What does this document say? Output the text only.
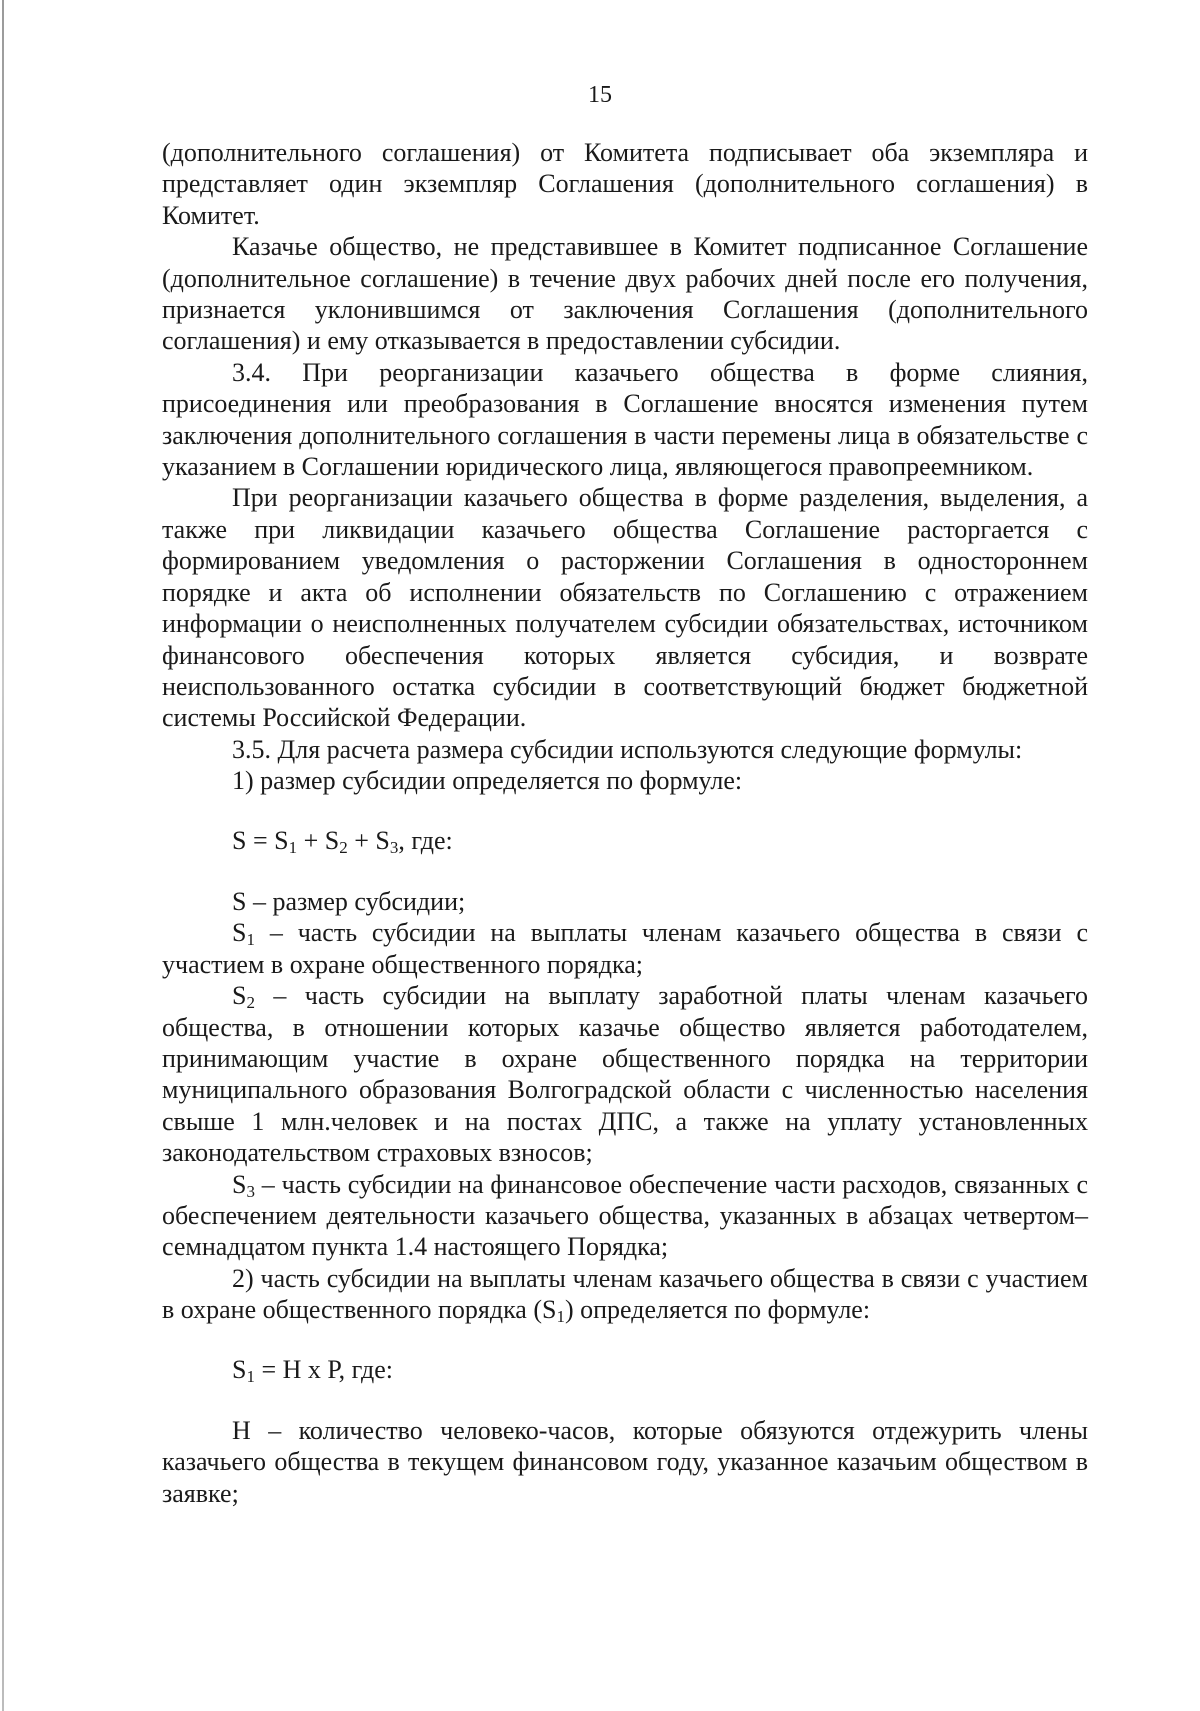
15

(дополнительного соглашения) от Комитета подписывает оба экземпляра и представляет один экземпляр Соглашения (дополнительного соглашения) в Комитет.

Казачье общество, не представившее в Комитет подписанное Соглашение (дополнительное соглашение) в течение двух рабочих дней после его получения, признается уклонившимся от заключения Соглашения (дополнительного соглашения) и ему отказывается в предоставлении субсидии.

3.4. При реорганизации казачьего общества в форме слияния, присоединения или преобразования в Соглашение вносятся изменения путем заключения дополнительного соглашения в части перемены лица в обязательстве с указанием в Соглашении юридического лица, являющегося правопреемником.

При реорганизации казачьего общества в форме разделения, выделения, а также при ликвидации казачьего общества Соглашение расторгается с формированием уведомления о расторжении Соглашения в одностороннем порядке и акта об исполнении обязательств по Соглашению с отражением информации о неисполненных получателем субсидии обязательствах, источником финансового обеспечения которых является субсидия, и возврате неиспользованного остатка субсидии в соответствующий бюджет бюджетной системы Российской Федерации.

3.5. Для расчета размера субсидии используются следующие формулы:

1) размер субсидии определяется по формуле:

$S = S_1 + S_2 + S_3$, где:

S – размер субсидии;

$S_1$ – часть субсидии на выплаты членам казачьего общества в связи с участием в охране общественного порядка;

$S_2$ – часть субсидии на выплату заработной платы членам казачьего общества, в отношении которых казачье общество является работодателем, принимающим участие в охране общественного порядка на территории муниципального образования Волгоградской области с численностью населения свыше 1 млн.человек и на постах ДПС, а также на уплату установленных законодательством страховых взносов;

$S_3$ – часть субсидии на финансовое обеспечение части расходов, связанных с обеспечением деятельности казачьего общества, указанных в абзацах четвертом–семнадцатом пункта 1.4 настоящего Порядка;

2) часть субсидии на выплаты членам казачьего общества в связи с участием в охране общественного порядка $(S_1)$ определяется по формуле:

$S_1 = Н$ х Р, где:

Н – количество человеко-часов, которые обязуются отдежурить члены казачьего общества в текущем финансовом году, указанное казачьим обществом в заявке;
